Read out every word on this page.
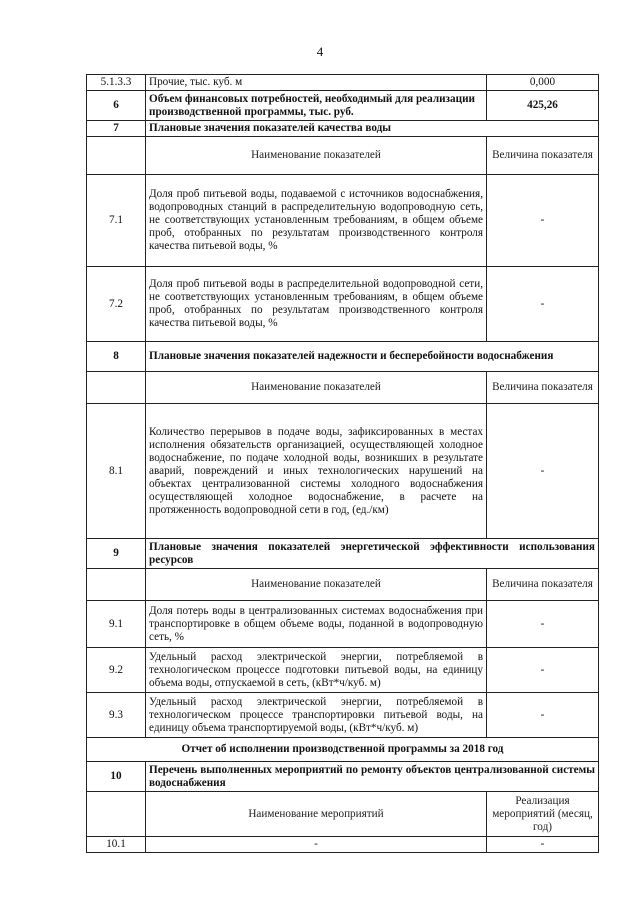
4
5.1.3.3	Прочие, тыс. куб. м	0,000
6	Объем финансовых потребностей, необходимый для реализации производственной программы, тыс. руб.	425,26
7	Плановые значения показателей качества воды	
	Наименование показателей	Величина показателя
7.1	Доля проб питьевой воды, подаваемой с источников водоснабжения, водопроводных станций в распределительную водопроводную сеть, не соответствующих установленным требованиям, в общем объеме проб, отобранных по результатам производственного контроля качества питьевой воды, %	-
7.2	Доля проб питьевой воды в распределительной водопроводной сети, не соответствующих установленным требованиям, в общем объеме проб, отобранных по результатам производственного контроля качества питьевой воды, %	-
8	Плановые значения показателей надежности и бесперебойности водоснабжения	
	Наименование показателей	Величина показателя
8.1	Количество перерывов в подаче воды, зафиксированных в местах исполнения обязательств организацией, осуществляющей холодное водоснабжение, по подаче холодной воды, возникших в результате аварий, повреждений и иных технологических нарушений на объектах централизованной системы холодного водоснабжения осуществляющей холодное водоснабжение, в расчете на протяженность водопроводной сети в год, (ед./км)	-
9	Плановые значения показателей энергетической эффективности использования ресурсов	
	Наименование показателей	Величина показателя
9.1	Доля потерь воды в централизованных системах водоснабжения при транспортировке в общем объеме воды, поданной в водопроводную сеть, %	-
9.2	Удельный расход электрической энергии, потребляемой в технологическом процессе подготовки питьевой воды, на единицу объема воды, отпускаемой в сеть, (кВт*ч/куб. м)	-
9.3	Удельный расход электрической энергии, потребляемой в технологическом процессе транспортировки питьевой воды, на единицу объема транспортируемой воды, (кВт*ч/куб. м)	-
Отчет об исполнении производственной программы за 2018 год		
10	Перечень выполненных мероприятий по ремонту объектов централизованной системы водоснабжения	
	Наименование мероприятий	Реализация мероприятий (месяц, год)
10.1	-	-
